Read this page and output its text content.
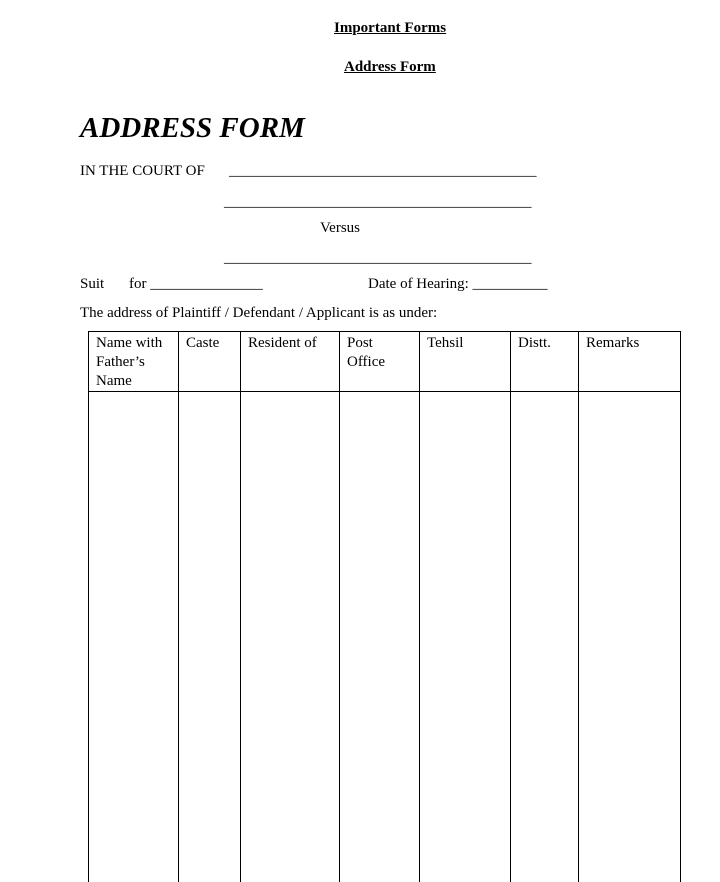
Important Forms
Address Form
ADDRESS FORM
IN THE COURT OF _________________________________________
_________________________________________
Versus
_________________________________________
Suit for _______________	Date of Hearing: __________
The address of Plaintiff / Defendant / Applicant is as under:
Name with Father’s Name	Caste	Resident of	Post Office	Tehsil	Distt.	Remarks
